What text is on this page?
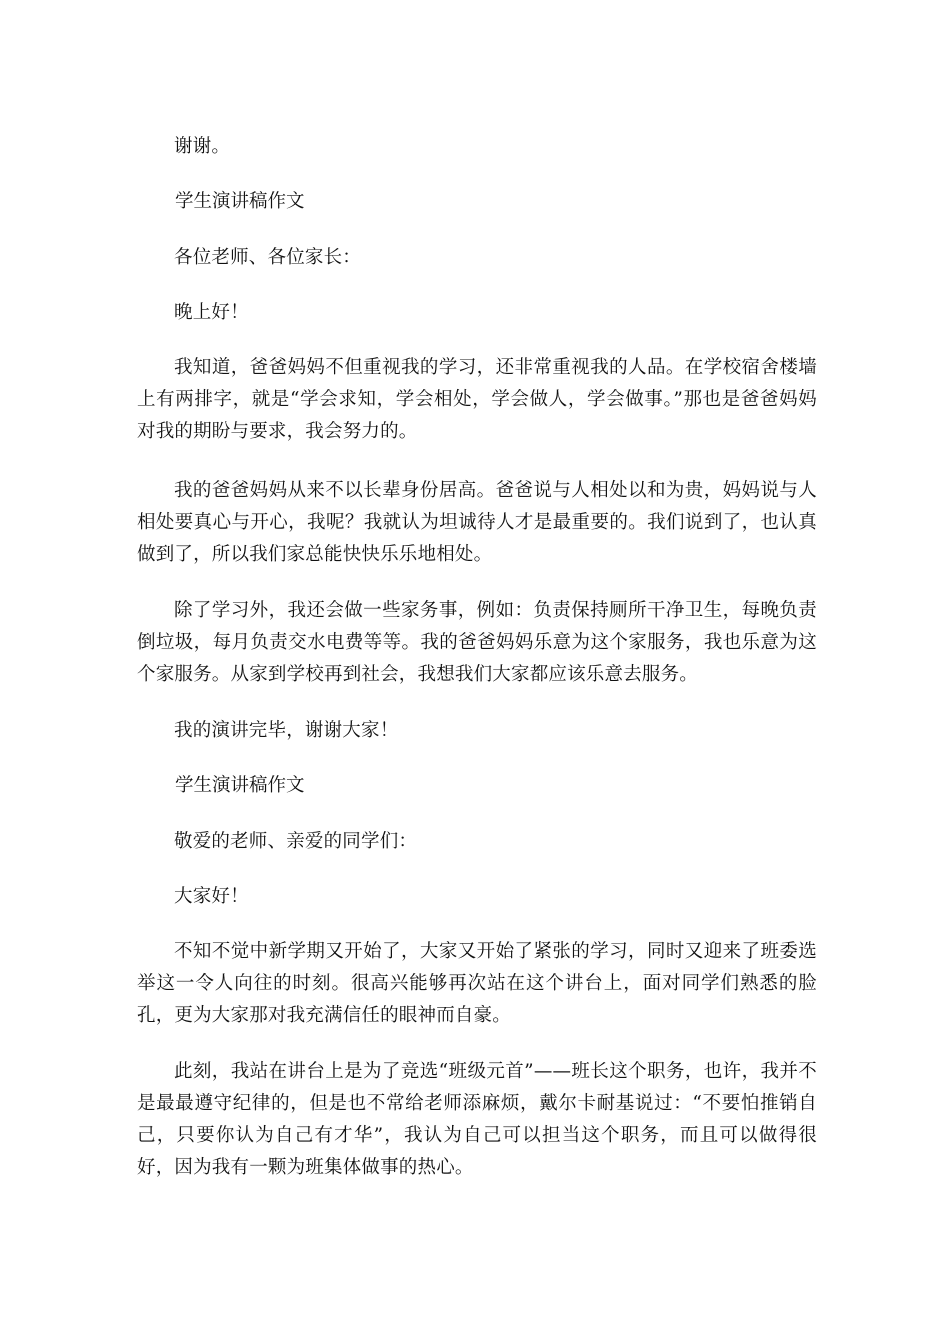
谢谢。

学生演讲稿作文

各位老师、各位家长：

晚上好！

我知道，爸爸妈妈不但重视我的学习，还非常重视我的人品。在学校宿舍楼墙上有两排字，就是“学会求知，学会相处，学会做人，学会做事。”那也是爸爸妈妈对我的期盼与要求，我会努力的。

我的爸爸妈妈从来不以长辈身份居高。爸爸说与人相处以和为贵，妈妈说与人相处要真心与开心，我呢？我就认为坦诚待人才是最重要的。我们说到了，也认真做到了，所以我们家总能快快乐乐地相处。

除了学习外，我还会做一些家务事，例如：负责保持厕所干净卫生，每晚负责倒垃圾，每月负责交水电费等等。我的爸爸妈妈乐意为这个家服务，我也乐意为这个家服务。从家到学校再到社会，我想我们大家都应该乐意去服务。

我的演讲完毕，谢谢大家！

学生演讲稿作文

敬爱的老师、亲爱的同学们：

大家好！

不知不觉中新学期又开始了，大家又开始了紧张的学习，同时又迎来了班委选举这一令人向往的时刻。很高兴能够再次站在这个讲台上，面对同学们熟悉的脸孔，更为大家那对我充满信任的眼神而自豪。

此刻，我站在讲台上是为了竞选“班级元首”——班长这个职务，也许，我并不是最最遵守纪律的，但是也不常给老师添麻烦，戴尔卡耐基说过：“不要怕推销自己，只要你认为自己有才华”，我认为自己可以担当这个职务，而且可以做得很好，因为我有一颗为班集体做事的热心。
